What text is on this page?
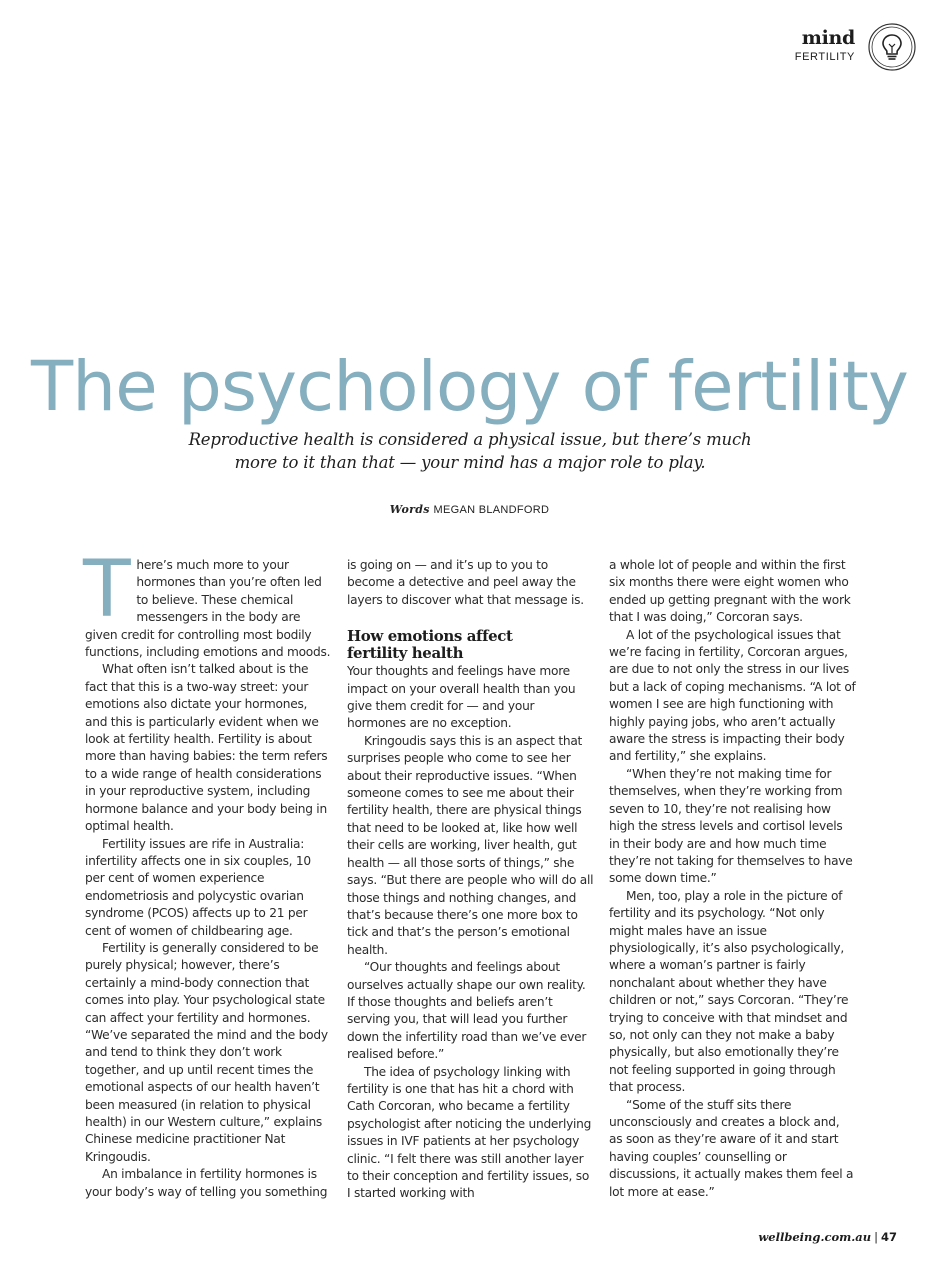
mind
FERTILITY
The psychology of fertility

Reproductive health is considered a physical issue, but there’s much more to it than that — your mind has a major role to play.

Words MEGAN BLANDFORD

There’s much more to your hormones than you’re often led to believe. These chemical messengers in the body are given credit for controlling most bodily functions, including emotions and moods.

What often isn’t talked about is the fact that this is a two-way street: your emotions also dictate your hormones, and this is particularly evident when we look at fertility health. Fertility is about more than having babies: the term refers to a wide range of health considerations in your reproductive system, including hormone balance and your body being in optimal health.

Fertility issues are rife in Australia: infertility affects one in six couples, 10 per cent of women experience endometriosis and polycystic ovarian syndrome (PCOS) affects up to 21 per cent of women of childbearing age.

Fertility is generally considered to be purely physical; however, there’s certainly a mind-body connection that comes into play. Your psychological state can affect your fertility and hormones. “We’ve separated the mind and the body and tend to think they don’t work together, and up until recent times the emotional aspects of our health haven’t been measured (in relation to physical health) in our Western culture,” explains Chinese medicine practitioner Nat Kringoudis.

An imbalance in fertility hormones is your body’s way of telling you something

is going on — and it’s up to you to become a detective and peel away the layers to discover what that message is.

How emotions affect fertility health

Your thoughts and feelings have more impact on your overall health than you give them credit for — and your hormones are no exception.

Kringoudis says this is an aspect that surprises people who come to see her about their reproductive issues. “When someone comes to see me about their fertility health, there are physical things that need to be looked at, like how well their cells are working, liver health, gut health — all those sorts of things,” she says. “But there are people who will do all those things and nothing changes, and that’s because there’s one more box to tick and that’s the person’s emotional health.

“Our thoughts and feelings about ourselves actually shape our own reality. If those thoughts and beliefs aren’t serving you, that will lead you further down the infertility road than we’ve ever realised before.”

The idea of psychology linking with fertility is one that has hit a chord with Cath Corcoran, who became a fertility psychologist after noticing the underlying issues in IVF patients at her psychology clinic. “I felt there was still another layer to their conception and fertility issues, so I started working with

a whole lot of people and within the first six months there were eight women who ended up getting pregnant with the work that I was doing,” Corcoran says.

A lot of the psychological issues that we’re facing in fertility, Corcoran argues, are due to not only the stress in our lives but a lack of coping mechanisms. “A lot of women I see are high functioning with highly paying jobs, who aren’t actually aware the stress is impacting their body and fertility,” she explains.

“When they’re not making time for themselves, when they’re working from seven to 10, they’re not realising how high the stress levels and cortisol levels in their body are and how much time they’re not taking for themselves to have some down time.”

Men, too, play a role in the picture of fertility and its psychology. “Not only might males have an issue physiologically, it’s also psychologically, where a woman’s partner is fairly nonchalant about whether they have children or not,” says Corcoran. “They’re trying to conceive with that mindset and so, not only can they not make a baby physically, but also emotionally they’re not feeling supported in going through that process.

“Some of the stuff sits there unconsciously and creates a block and, as soon as they’re aware of it and start having couples’ counselling or discussions, it actually makes them feel a lot more at ease.”

wellbeing.com.au | 47
